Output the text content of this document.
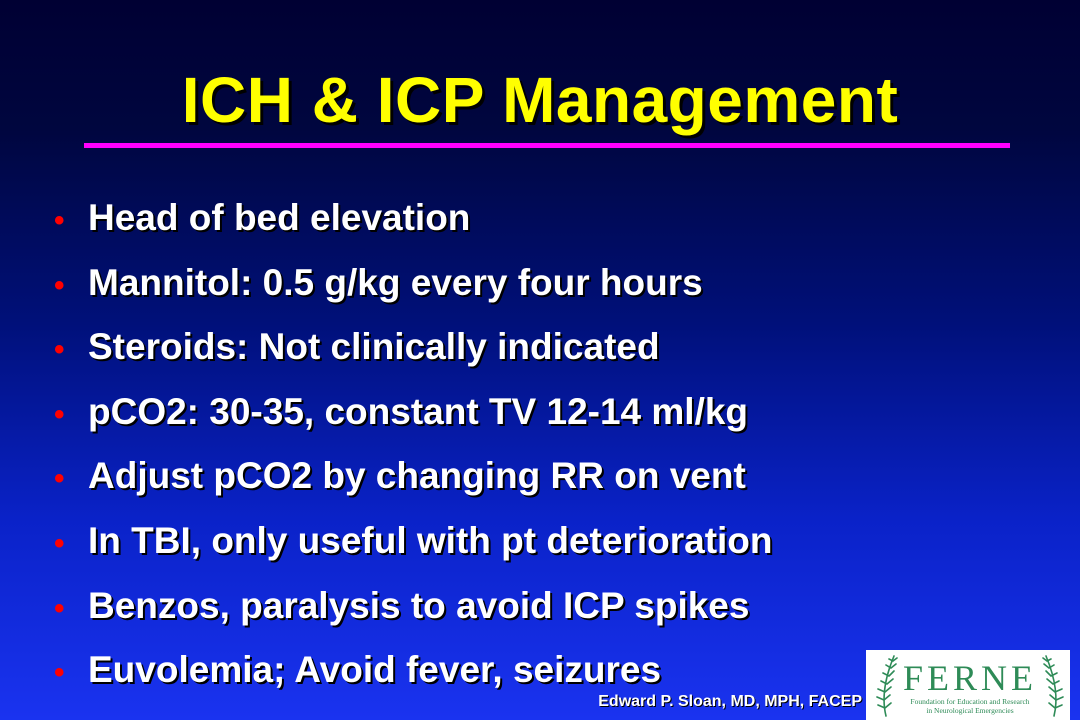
ICH & ICP Management
• Head of bed elevation
• Mannitol: 0.5 g/kg every four hours
• Steroids: Not clinically indicated
• pCO2: 30-35, constant TV 12-14 ml/kg
• Adjust pCO2 by changing RR on vent
• In TBI, only useful with pt deterioration
• Benzos, paralysis to avoid ICP spikes
• Euvolemia; Avoid fever, seizures
Edward P. Sloan, MD, MPH, FACEP
FERNE
Foundation for Education and Research
in Neurological Emergencies
